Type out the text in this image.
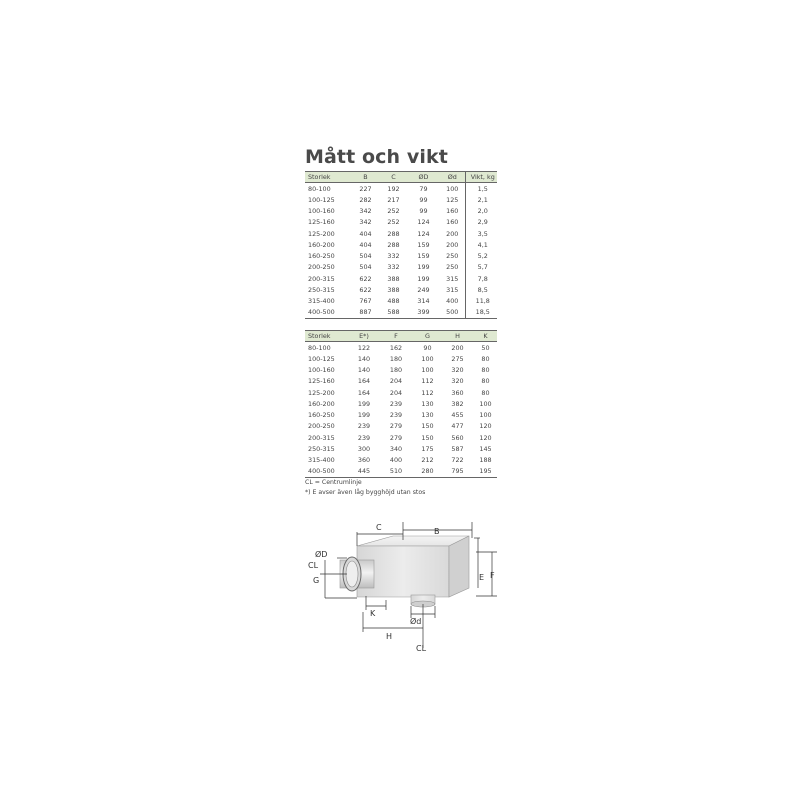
Mått och vikt
Storlek	B	C	ØD	Ød	Vikt, kg
80-100	227	192	79	100	1,5
100-125	282	217	99	125	2,1
100-160	342	252	99	160	2,0
125-160	342	252	124	160	2,9
125-200	404	288	124	200	3,5
160-200	404	288	159	200	4,1
160-250	504	332	159	250	5,2
200-250	504	332	199	250	5,7
200-315	622	388	199	315	7,8
250-315	622	388	249	315	8,5
315-400	767	488	314	400	11,8
400-500	887	588	399	500	18,5
Storlek	E*)	F	G	H	K
80-100	122	162	90	200	50
100-125	140	180	100	275	80
100-160	140	180	100	320	80
125-160	164	204	112	320	80
125-200	164	204	112	360	80
160-200	199	239	130	382	100
160-250	199	239	130	455	100
200-250	239	279	150	477	120
200-315	239	279	150	560	120
250-315	300	340	175	587	145
315-400	360	400	212	722	188
400-500	445	510	280	795	195
CL = Centrumlinje
*) E avser även låg bygghöjd utan stos
C	B
ØD
CL
G	E F
K
Ød
H
CL
